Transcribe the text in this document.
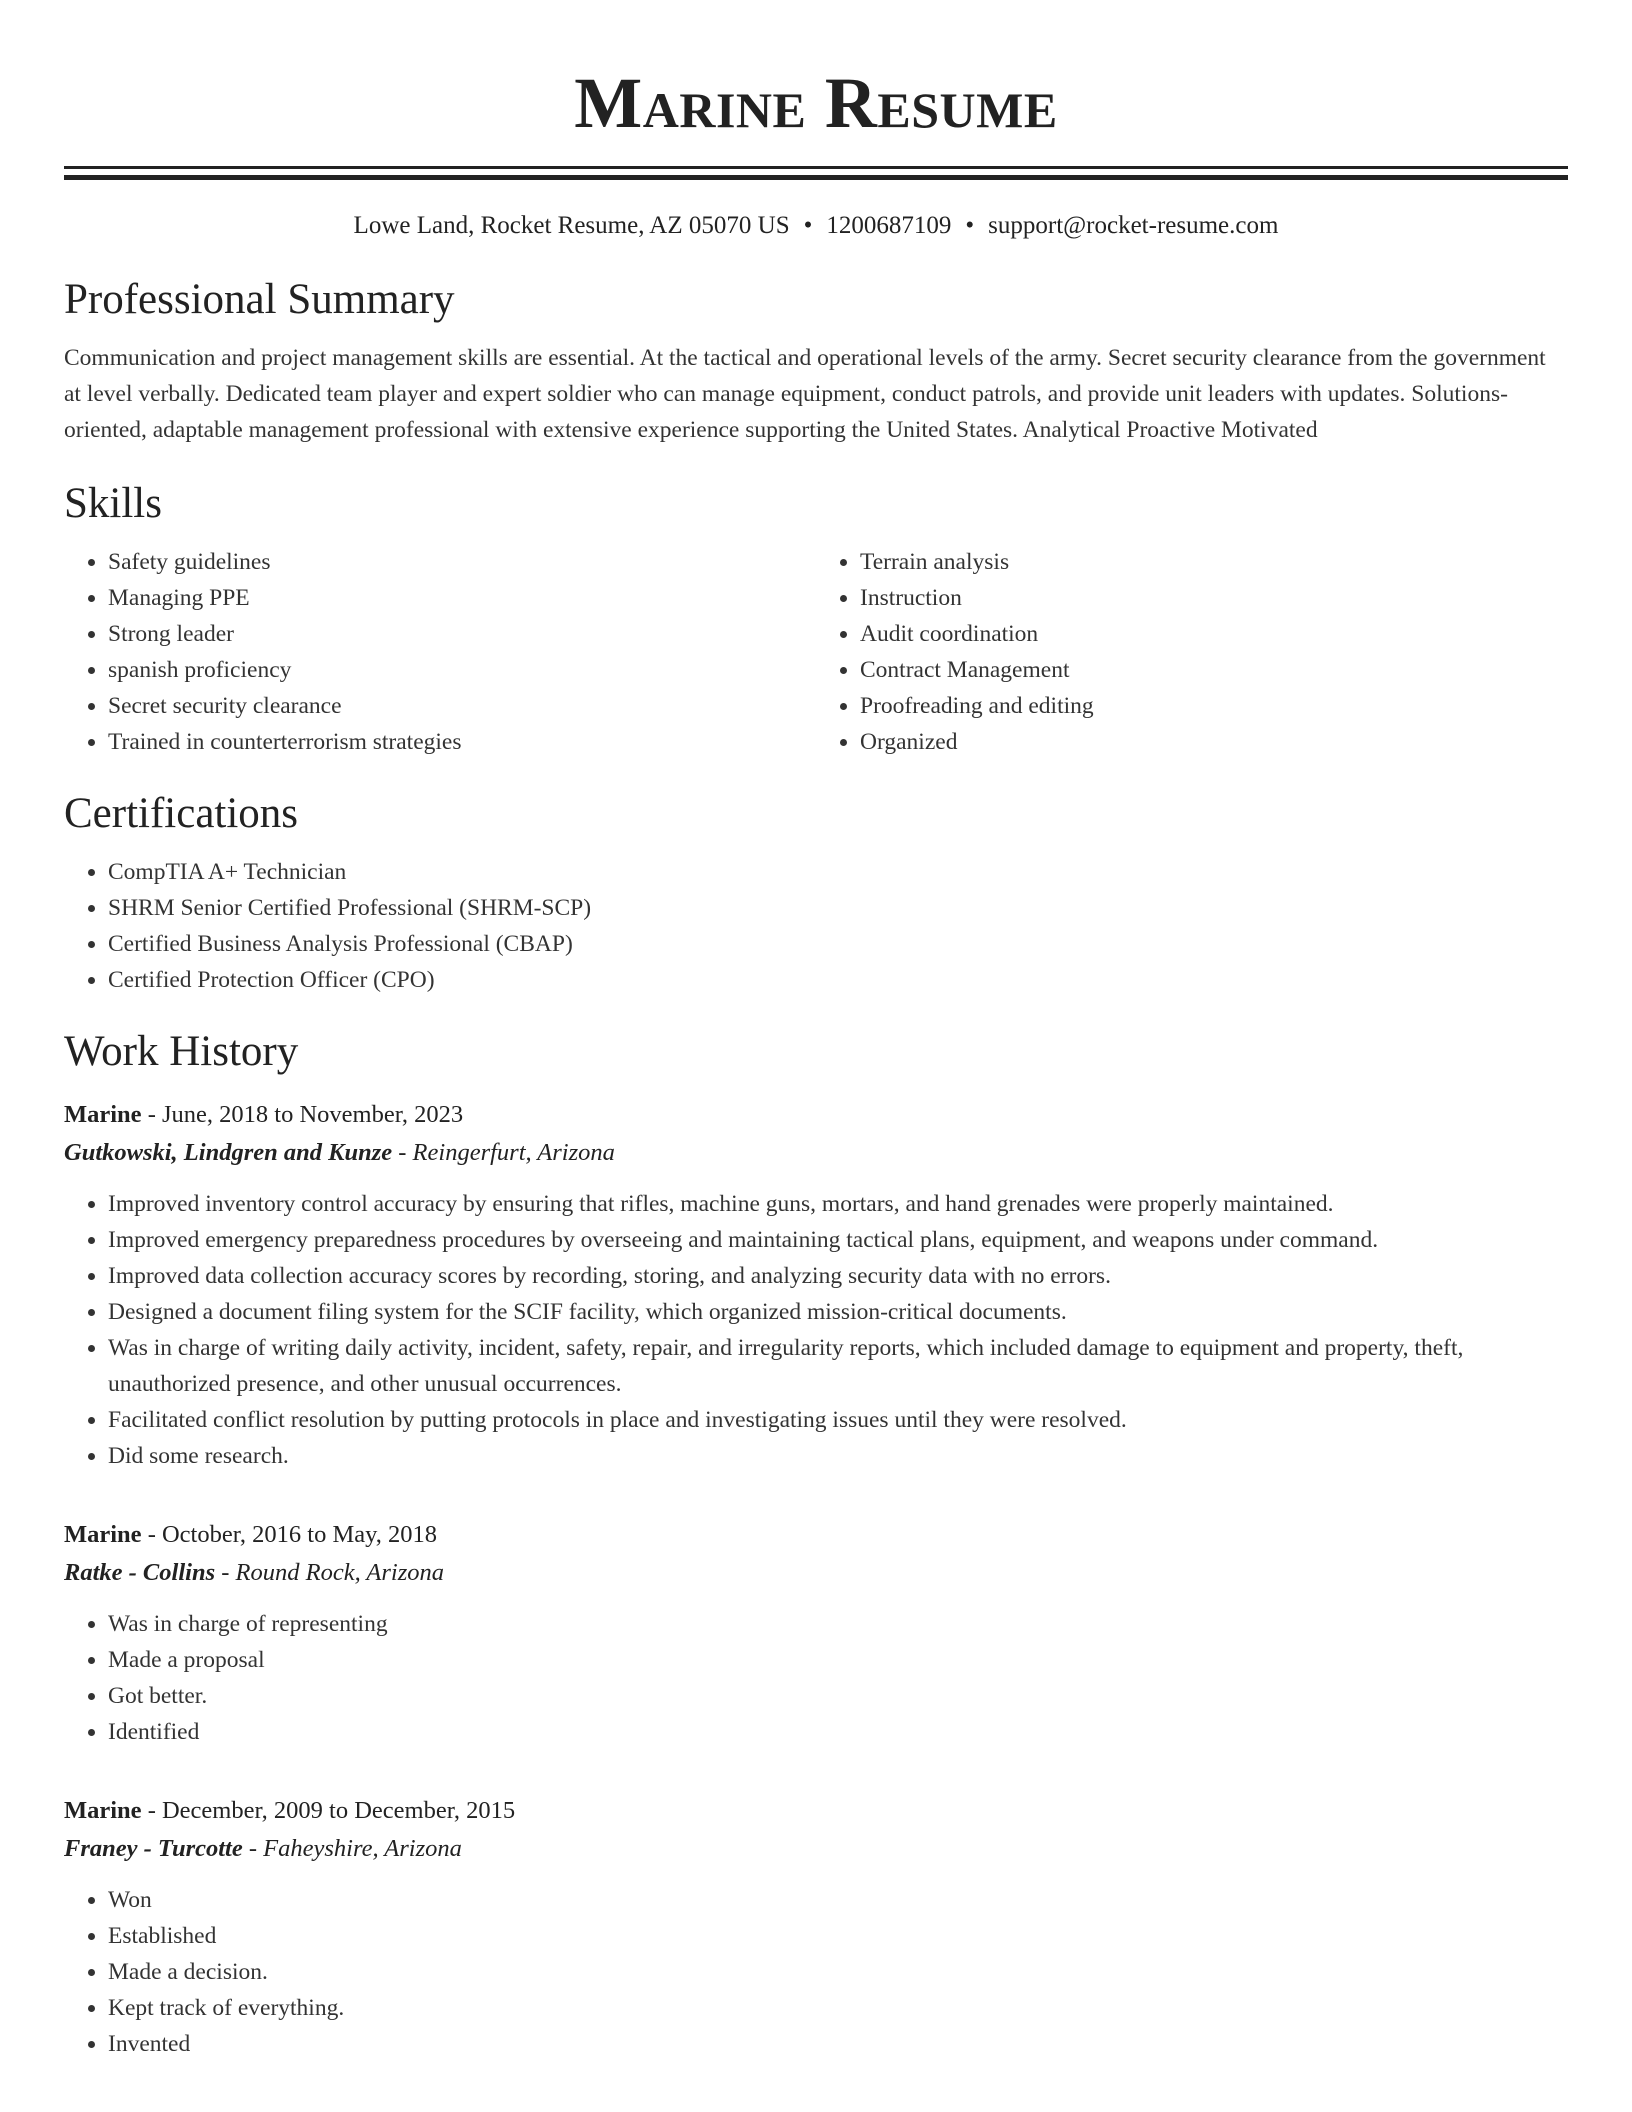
Marine Resume
Lowe Land, Rocket Resume, AZ 05070 US • 1200687109 • support@rocket-resume.com
Professional Summary

Communication and project management skills are essential. At the tactical and operational levels of the army. Secret security clearance from the government at level verbally. Dedicated team player and expert soldier who can manage equipment, conduct patrols, and provide unit leaders with updates. Solutions-oriented, adaptable management professional with extensive experience supporting the United States. Analytical Proactive Motivated

Skills
• Safety guidelines
• Managing PPE
• Strong leader
• spanish proficiency
• Secret security clearance
• Trained in counterterrorism strategies
• Terrain analysis
• Instruction
• Audit coordination
• Contract Management
• Proofreading and editing
• Organized
Certifications
• CompTIA A+ Technician
• SHRM Senior Certified Professional (SHRM-SCP)
• Certified Business Analysis Professional (CBAP)
• Certified Protection Officer (CPO)
Work History
Marine - June, 2018 to November, 2023
Gutkowski, Lindgren and Kunze - Reingerfurt, Arizona
• Improved inventory control accuracy by ensuring that rifles, machine guns, mortars, and hand grenades were properly maintained.
• Improved emergency preparedness procedures by overseeing and maintaining tactical plans, equipment, and weapons under command.
• Improved data collection accuracy scores by recording, storing, and analyzing security data with no errors.
• Designed a document filing system for the SCIF facility, which organized mission-critical documents.
• Was in charge of writing daily activity, incident, safety, repair, and irregularity reports, which included damage to equipment and property, theft, unauthorized presence, and other unusual occurrences.
• Facilitated conflict resolution by putting protocols in place and investigating issues until they were resolved.
• Did some research.
Marine - October, 2016 to May, 2018
Ratke - Collins - Round Rock, Arizona
• Was in charge of representing
• Made a proposal
• Got better.
• Identified
Marine - December, 2009 to December, 2015
Franey - Turcotte - Faheyshire, Arizona
• Won
• Established
• Made a decision.
• Kept track of everything.
• Invented
